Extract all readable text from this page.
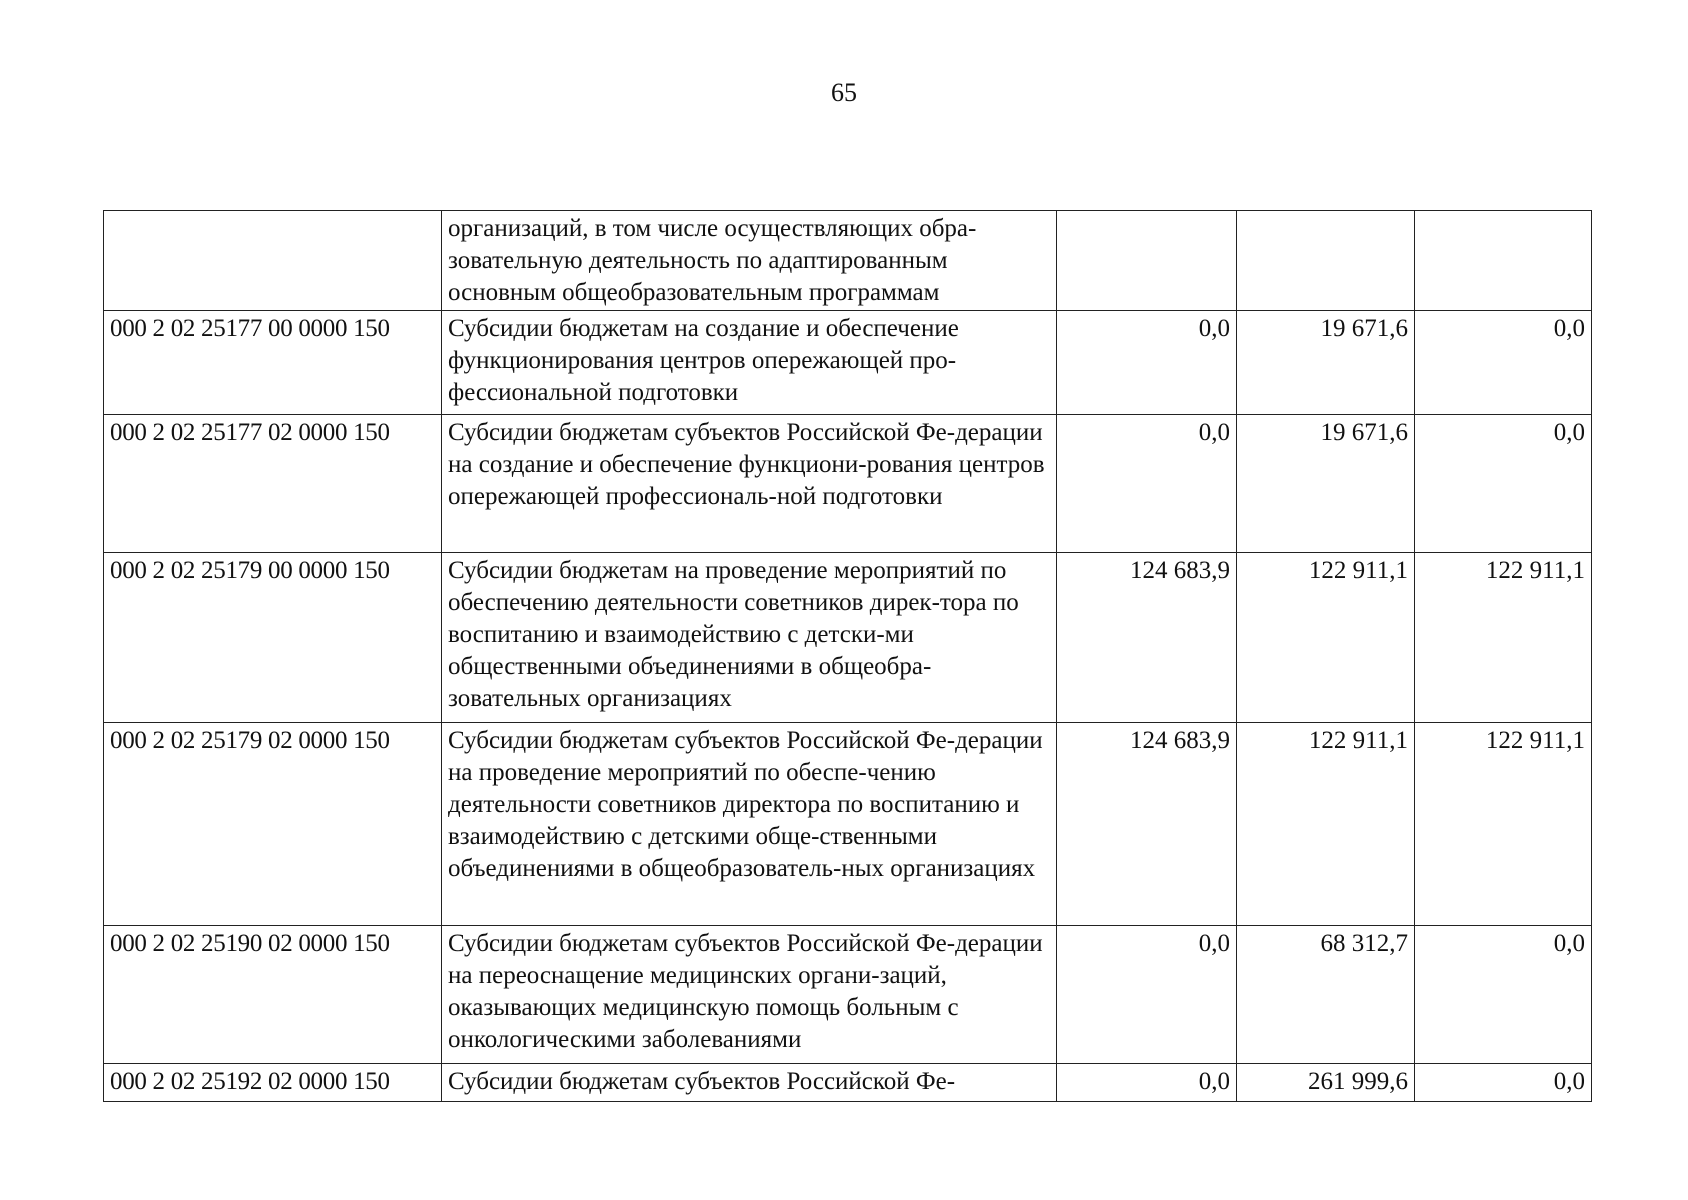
65
	организаций, в том числе осуществляющих обра-зовательную деятельность по адаптированным основным общеобразовательным программам			
000 2 02 25177 00 0000 150	Субсидии бюджетам на создание и обеспечение функционирования центров опережающей про-фессиональной подготовки	0,0	19 671,6	0,0
000 2 02 25177 02 0000 150	Субсидии бюджетам субъектов Российской Фе-дерации на создание и обеспечение функциони-рования центров опережающей профессиональ-ной подготовки	0,0	19 671,6	0,0
000 2 02 25179 00 0000 150	Субсидии бюджетам на проведение мероприятий по обеспечению деятельности советников дирек-тора по воспитанию и взаимодействию с детски-ми общественными объединениями в общеобра-зовательных организациях	124 683,9	122 911,1	122 911,1
000 2 02 25179 02 0000 150	Субсидии бюджетам субъектов Российской Фе-дерации на проведение мероприятий по обеспе-чению деятельности советников директора по воспитанию и взаимодействию с детскими обще-ственными объединениями в общеобразователь-ных организациях	124 683,9	122 911,1	122 911,1
000 2 02 25190 02 0000 150	Субсидии бюджетам субъектов Российской Фе-дерации на переоснащение медицинских органи-заций, оказывающих медицинскую помощь больным с онкологическими заболеваниями	0,0	68 312,7	0,0
000 2 02 25192 02 0000 150	Субсидии бюджетам субъектов Российской Фе-	0,0	261 999,6	0,0
